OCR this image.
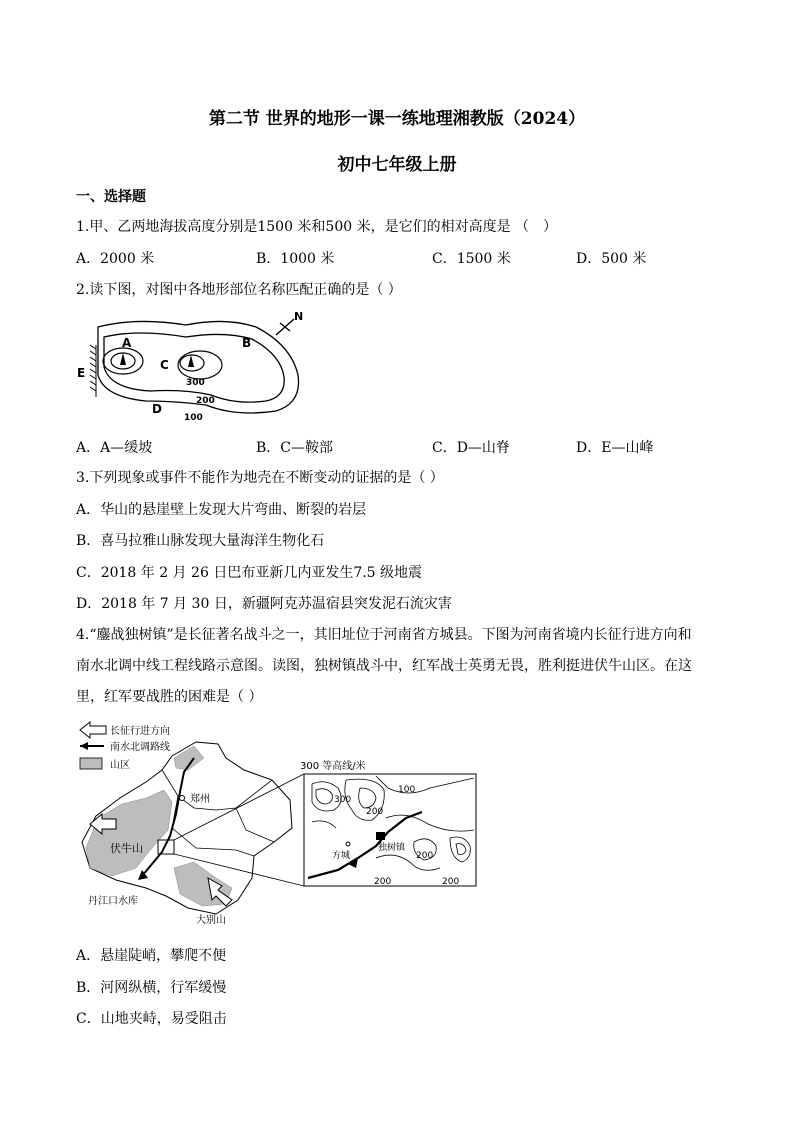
第二节 世界的地形一课一练地理湘教版（2024）
初中七年级上册
一、选择题
1.甲、乙两地海拔高度分别是1500 米和500 米，是它们的相对高度是 （　）
A．2000 米	B．1000 米	C．1500 米	D．500 米
2.读下图，对图中各地形部位名称匹配正确的是（ ）
N
A	B
C
D
E
300
200
100
A．A—缓坡	B．C—鞍部	C．D—山脊	D．E—山峰
3.下列现象或事件不能作为地壳在不断变动的证据的是（ ）
A．华山的悬崖壁上发现大片弯曲、断裂的岩层
B．喜马拉雅山脉发现大量海洋生物化石
C．2018 年 2 月 26 日巴布亚新几内亚发生7.5 级地震
D．2018 年 7 月 30 日，新疆阿克苏温宿县突发泥石流灾害
4.“鏖战独树镇”是长征著名战斗之一，其旧址位于河南省方城县。下图为河南省境内长征行进方向和
南水北调中线工程线路示意图。读图，独树镇战斗中，红军战士英勇无畏，胜利挺进伏牛山区。在这
里，红军要战胜的困难是（ ）
长征行进方向
南水北调路线
山区
郑州
伏牛山
丹江口水库
大别山
300 等高线/米
方城
独树镇
300
200
100
200
200	200
A．悬崖陡峭，攀爬不便
B．河网纵横，行军缓慢
C．山地夹峙，易受阻击
